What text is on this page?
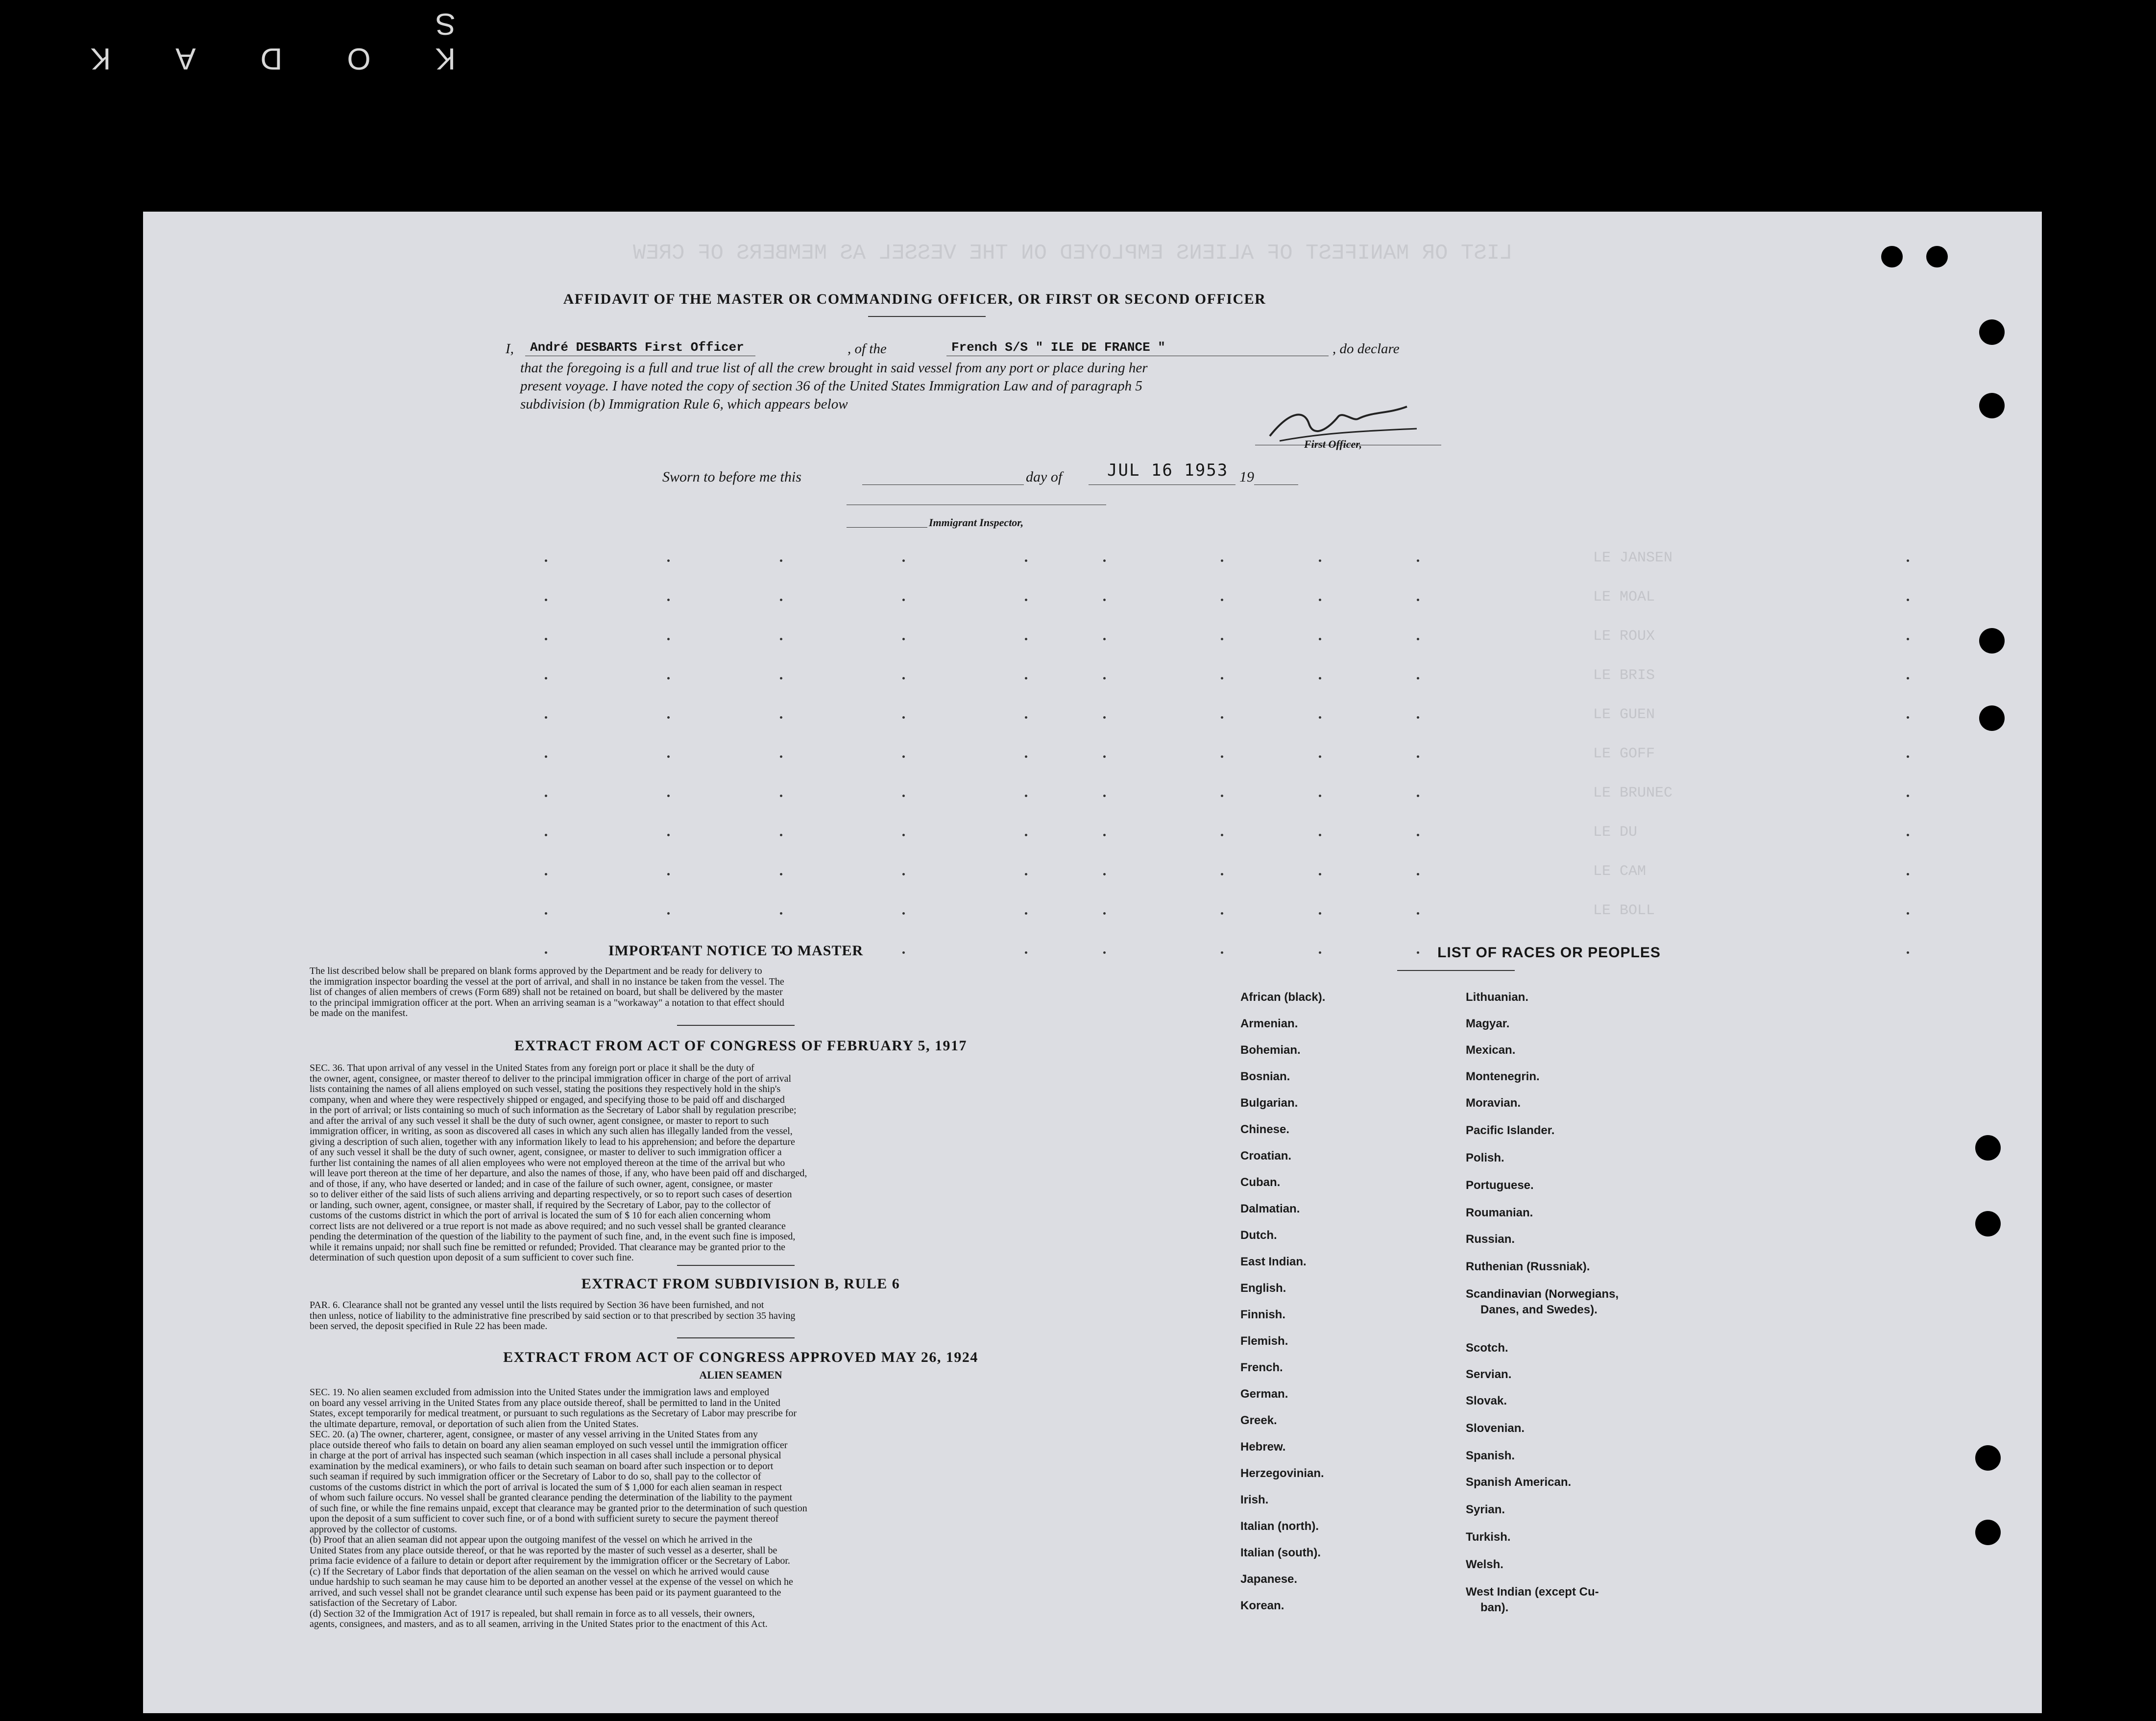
KODAKS
LIST OR MANIFEST OF ALIENS EMPLOYED ON THE VESSEL AS MEMBERS OF CREW
LE JANSEN
LE MOAL
LE ROUX
LE BRIS
LE GUEN
LE GOFF
LE BRUNEC
LE DU
LE CAM
LE BOLL
AFFIDAVIT OF THE MASTER OR COMMANDING OFFICER, OR FIRST OR SECOND OFFICER
I, André DESBARTS First Officer	, of the	French S/S " ILE DE FRANCE "	, do declare
that the foregoing is a full and true list of all the crew brought in said vessel from any port or place during her
present voyage. I have noted the copy of section 36 of the United States Immigration Law and of paragraph 5
subdivision (b) Immigration Rule 6, which appears below
First Officer,
Sworn to before me this	day of	JUL 16 1953 19
Immigrant Inspector,
IMPORTANT NOTICE TO MASTER
The list described below shall be prepared on blank forms approved by the Department and be ready for delivery to
the immigration inspector boarding the vessel at the port of arrival, and shall in no instance be taken from the vessel. The
list of changes of alien members of crews (Form 689) shall not be retained on board, but shall be delivered by the master
to the principal immigration officer at the port. When an arriving seaman is a "workaway" a notation to that effect should
be made on the manifest.
EXTRACT FROM ACT OF CONGRESS OF FEBRUARY 5, 1917
SEC. 36. That upon arrival of any vessel in the United States from any foreign port or place it shall be the duty of
the owner, agent, consignee, or master thereof to deliver to the principal immigration officer in charge of the port of arrival
lists containing the names of all aliens employed on such vessel, stating the positions they respectively hold in the ship's
company, when and where they were respectively shipped or engaged, and specifying those to be paid off and discharged
in the port of arrival; or lists containing so much of such information as the Secretary of Labor shall by regulation prescribe;
and after the arrival of any such vessel it shall be the duty of such owner, agent consignee, or master to report to such
immigration officer, in writing, as soon as discovered all cases in which any such alien has illegally landed from the vessel,
giving a description of such alien, together with any information likely to lead to his apprehension; and before the departure
of any such vessel it shall be the duty of such owner, agent, consignee, or master to deliver to such immigration officer a
further list containing the names of all alien employees who were not employed thereon at the time of the arrival but who
will leave port thereon at the time of her departure, and also the names of those, if any, who have been paid off and discharged,
and of those, if any, who have deserted or landed; and in case of the failure of such owner, agent, consignee, or master
so to deliver either of the said lists of such aliens arriving and departing respectively, or so to report such cases of desertion
or landing, such owner, agent, consignee, or master shall, if required by the Secretary of Labor, pay to the collector of
customs of the customs district in which the port of arrival is located the sum of $ 10 for each alien concerning whom
correct lists are not delivered or a true report is not made as above required; and no such vessel shall be granted clearance
pending the determination of the question of the liability to the payment of such fine, and, in the event such fine is imposed,
while it remains unpaid; nor shall such fine be remitted or refunded; Provided. That clearance may be granted prior to the
determination of such question upon deposit of a sum sufficient to cover such fine.
EXTRACT FROM SUBDIVISION B, RULE 6
PAR. 6. Clearance shall not be granted any vessel until the lists required by Section 36 have been furnished, and not
then unless, notice of liability to the administrative fine prescribed by said section or to that prescribed by section 35 having
been served, the deposit specified in Rule 22 has been made.
EXTRACT FROM ACT OF CONGRESS APPROVED MAY 26, 1924
ALIEN SEAMEN
SEC. 19. No alien seamen excluded from admission into the United States under the immigration laws and employed
on board any vessel arriving in the United States from any place outside thereof, shall be permitted to land in the United
States, except temporarily for medical treatment, or pursuant to such regulations as the Secretary of Labor may prescribe for
the ultimate departure, removal, or deportation of such alien from the United States.
SEC. 20. (a) The owner, charterer, agent, consignee, or master of any vessel arriving in the United States from any
place outside thereof who fails to detain on board any alien seaman employed on such vessel until the immigration officer
in charge at the port of arrival has inspected such seaman (which inspection in all cases shall include a personal physical
examination by the medical examiners), or who fails to detain such seaman on board after such inspection or to deport
such seaman if required by such immigration officer or the Secretary of Labor to do so, shall pay to the collector of
customs of the customs district in which the port of arrival is located the sum of $ 1,000 for each alien seaman in respect
of whom such failure occurs. No vessel shall be granted clearance pending the determination of the liability to the payment
of such fine, or while the fine remains unpaid, except that clearance may be granted prior to the determination of such question
upon the deposit of a sum sufficient to cover such fine, or of a bond with sufficient surety to secure the payment thereof
approved by the collector of customs.
(b) Proof that an alien seaman did not appear upon the outgoing manifest of the vessel on which he arrived in the
United States from any place outside thereof, or that he was reported by the master of such vessel as a deserter, shall be
prima facie evidence of a failure to detain or deport after requirement by the immigration officer or the Secretary of Labor.
(c) If the Secretary of Labor finds that deportation of the alien seaman on the vessel on which he arrived would cause
undue hardship to such seaman he may cause him to be deported an another vessel at the expense of the vessel on which he
arrived, and such vessel shall not be grandet clearance until such expense has been paid or its payment guaranteed to the
satisfaction of the Secretary of Labor.
(d) Section 32 of the Immigration Act of 1917 is repealed, but shall remain in force as to all vessels, their owners,
agents, consignees, and masters, and as to all seamen, arriving in the United States prior to the enactment of this Act.
LIST OF RACES OR PEOPLES
African (black).
Armenian.
Bohemian.
Bosnian.
Bulgarian.
Chinese.
Croatian.
Cuban.
Dalmatian.
Dutch.
East Indian.
English.
Finnish.
Flemish.
French.
German.
Greek.
Hebrew.
Herzegovinian.
Irish.
Italian (north).
Italian (south).
Japanese.
Korean.
Lithuanian.
Magyar.
Mexican.
Montenegrin.
Moravian.
Pacific Islander.
Polish.
Portuguese.
Roumanian.
Russian.
Ruthenian (Russniak).
Scandinavian (Norwegians,
Scotch.
Servian.
Slovak.
Slovenian.
Spanish.
Spanish American.
Syrian.
Turkish.
Welsh.
West Indian (except Cu-
Danes, and Swedes).
ban).
